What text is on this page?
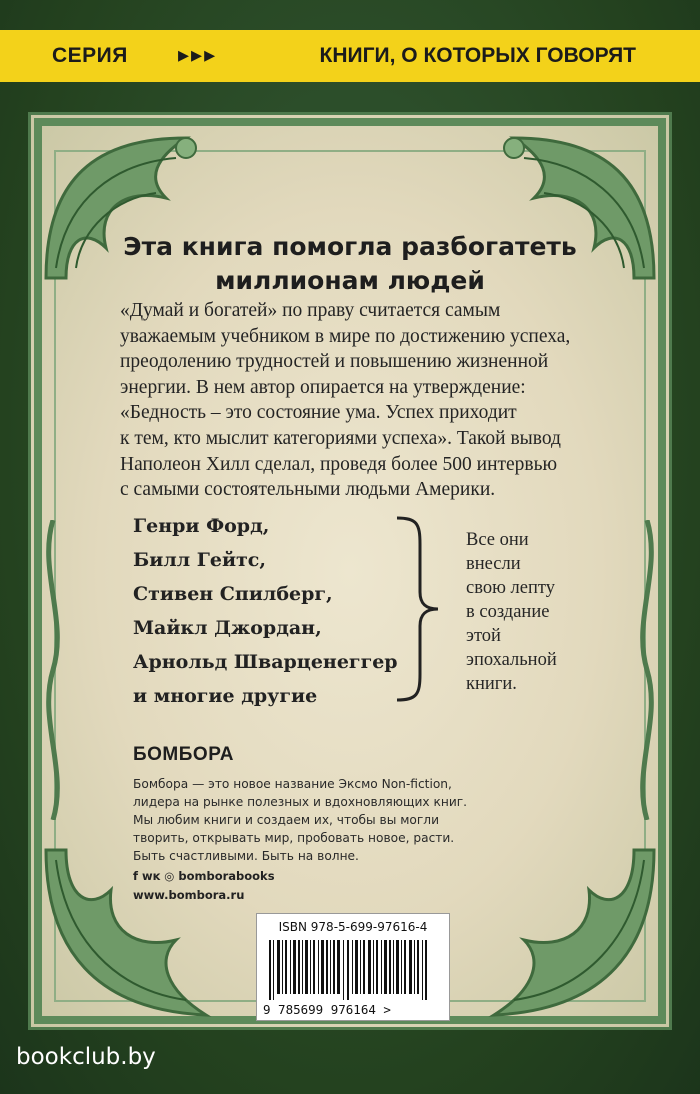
СЕРИЯ ▸▸▸	КНИГИ, О КОТОРЫХ ГОВОРЯТ
Эта книга помогла разбогатеть
миллионам людей
«Думай и богатей» по праву считается самым
уважаемым учебником в мире по достижению успеха,
преодолению трудностей и повышению жизненной
энергии. В нем автор опирается на утверждение:
«Бедность – это состояние ума. Успех приходит
к тем, кто мыслит категориями успеха». Такой вывод
Наполеон Хилл сделал, проведя более 500 интервью
с самыми состоятельными людьми Америки.
Генри Форд,
Билл Гейтс,
Стивен Спилберг,
Майкл Джордан,
Арнольд Шварценеггер
и многие другие
Все они
внесли
свою лепту
в создание
этой
эпохальной
книги.
БОМБОРА
Бомбора — это новое название Эксмо Non-fiction,
лидера на рынке полезных и вдохновляющих книг.
Мы любим книги и создаем их, чтобы вы могли
творить, открывать мир, пробовать новое, расти.
Быть счастливыми. Быть на волне.
f ᴡᴋ ◎ bomborabooks
www.bombora.ru
ISBN 978-5-699-97616-4
9 785699 976164 >
bookclub.by
